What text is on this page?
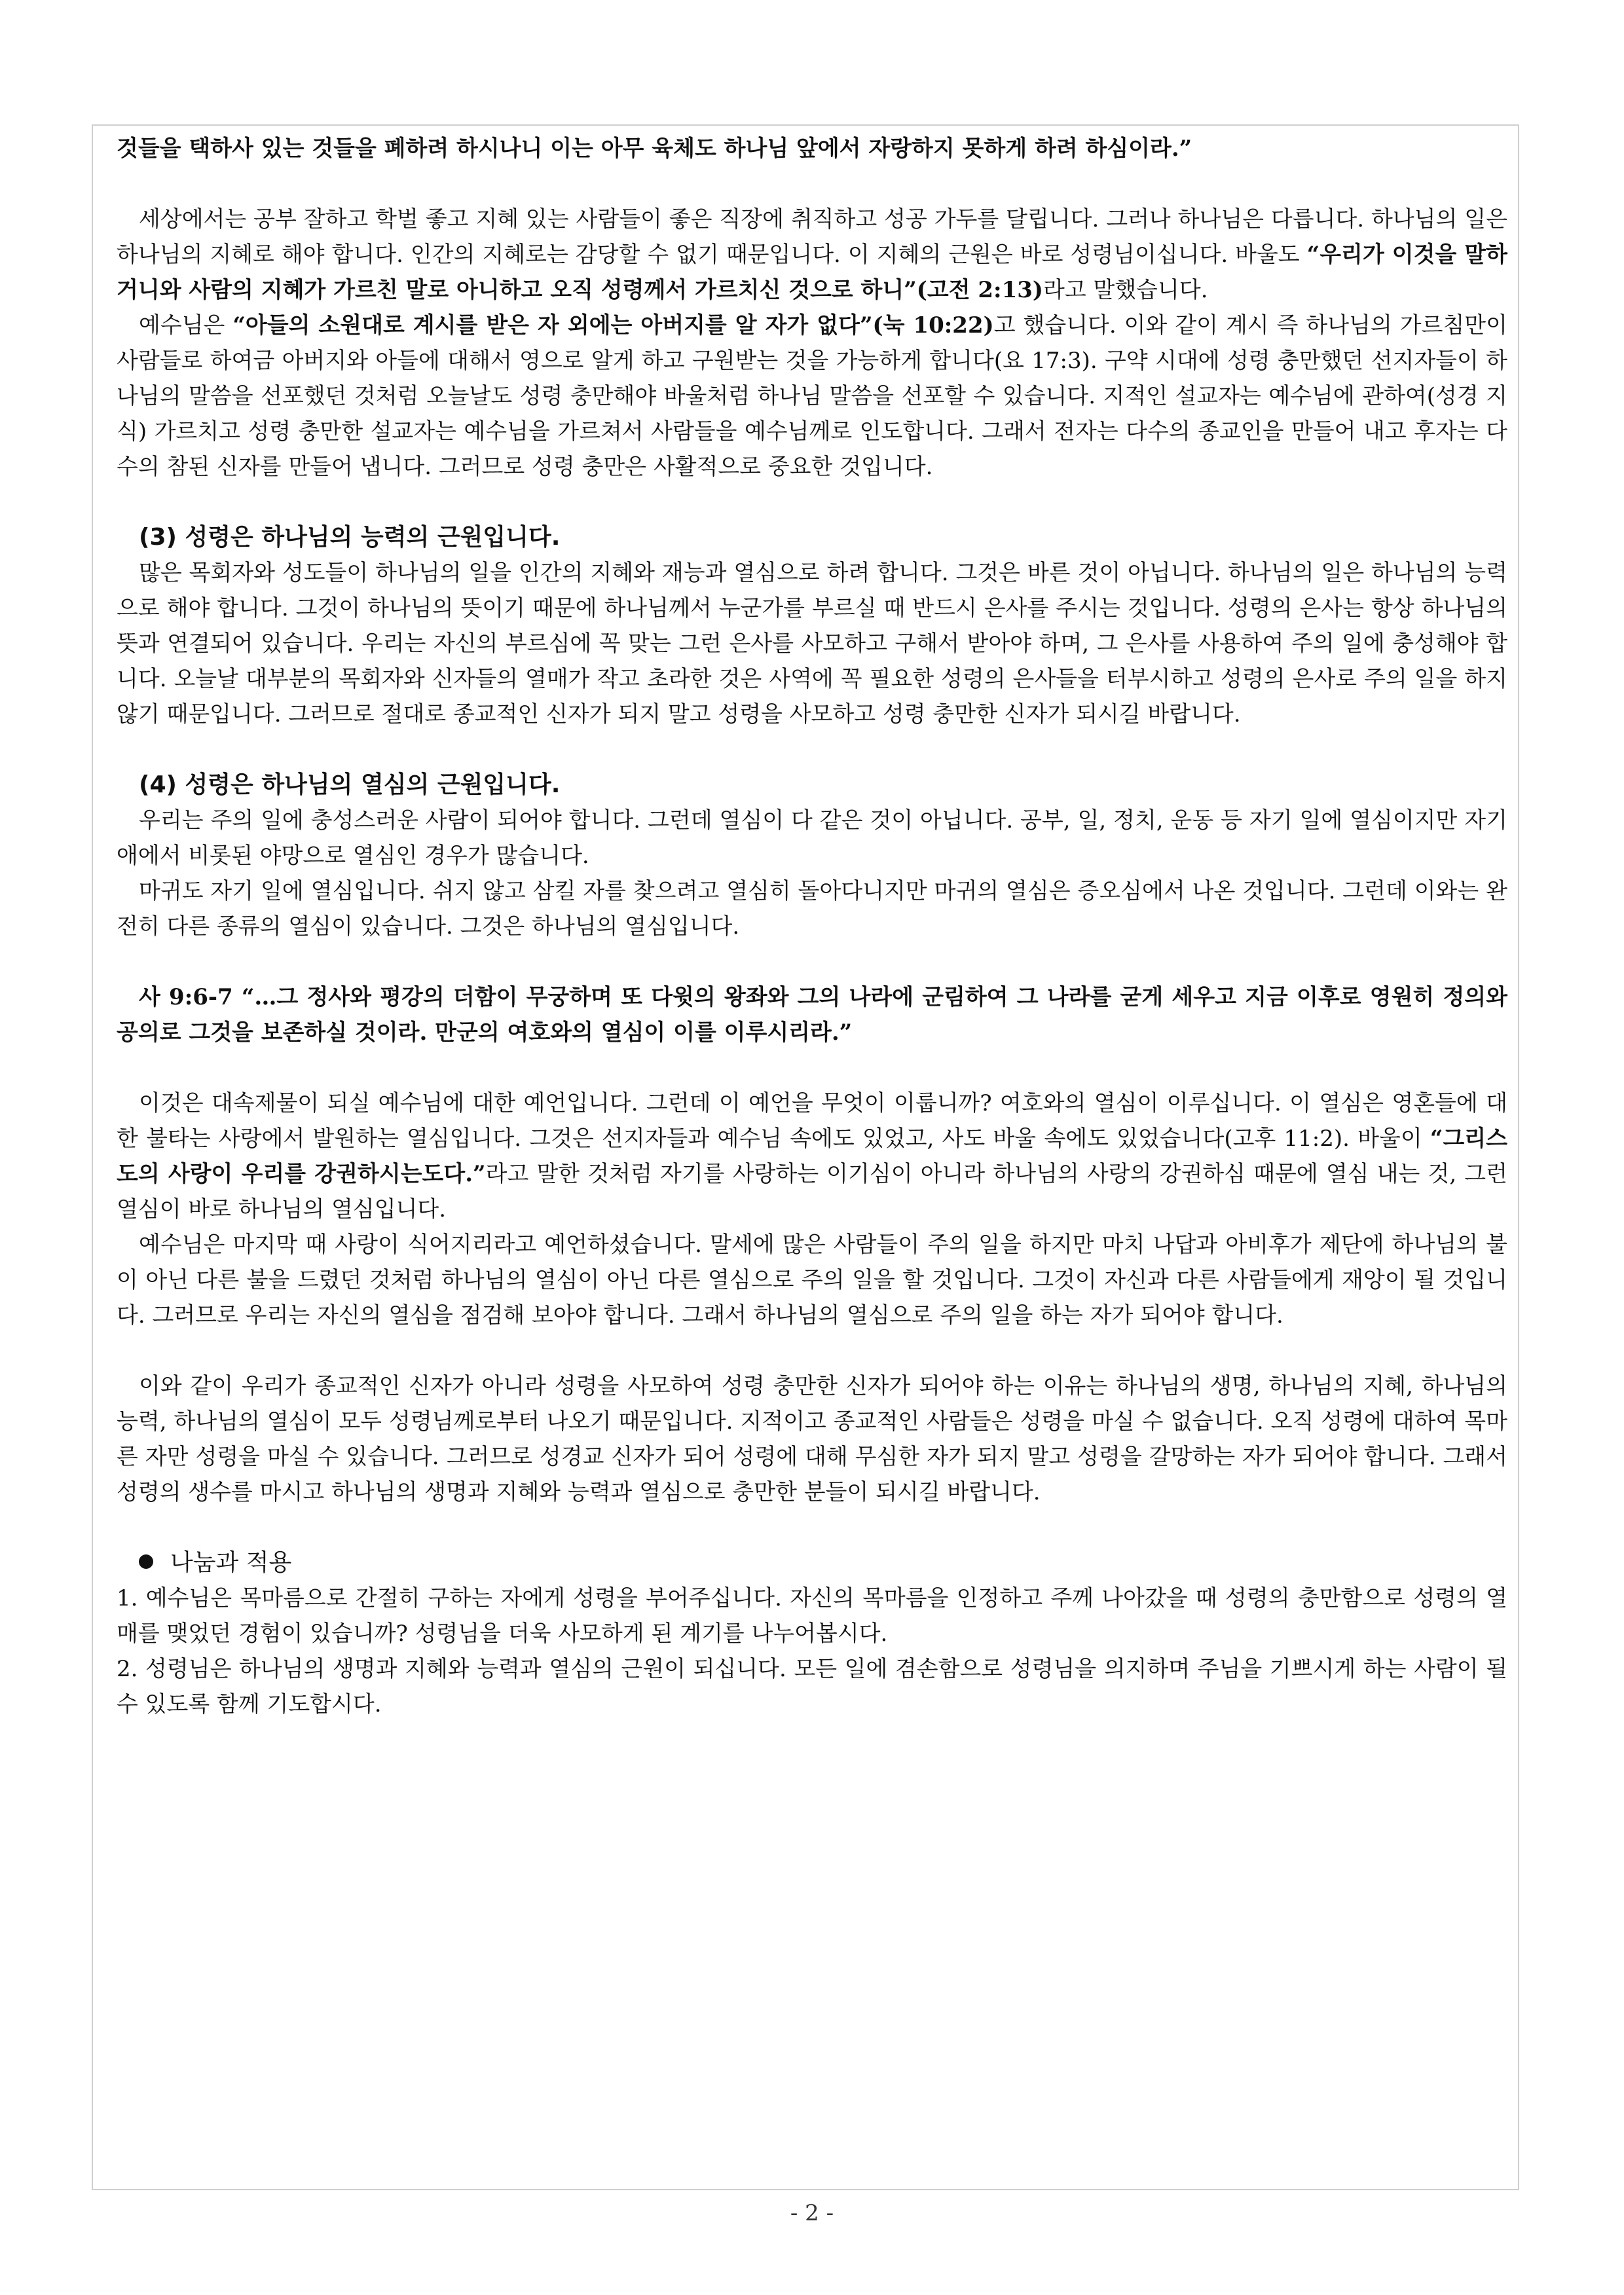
것들을 택하사 있는 것들을 폐하려 하시나니 이는 아무 육체도 하나님 앞에서 자랑하지 못하게 하려 하심이라.”

세상에서는 공부 잘하고 학벌 좋고 지혜 있는 사람들이 좋은 직장에 취직하고 성공 가두를 달립니다. 그러나 하나님은 다릅니다. 하나님의 일은 하나님의 지혜로 해야 합니다. 인간의 지혜로는 감당할 수 없기 때문입니다. 이 지혜의 근원은 바로 성령님이십니다. 바울도 “우리가 이것을 말하거니와 사람의 지혜가 가르친 말로 아니하고 오직 성령께서 가르치신 것으로 하니”(고전 2:13)라고 말했습니다.

예수님은 “아들의 소원대로 계시를 받은 자 외에는 아버지를 알 자가 없다”(눅 10:22)고 했습니다. 이와 같이 계시 즉 하나님의 가르침만이 사람들로 하여금 아버지와 아들에 대해서 영으로 알게 하고 구원받는 것을 가능하게 합니다(요 17:3). 구약 시대에 성령 충만했던 선지자들이 하나님의 말씀을 선포했던 것처럼 오늘날도 성령 충만해야 바울처럼 하나님 말씀을 선포할 수 있습니다. 지적인 설교자는 예수님에 관하여(성경 지식) 가르치고 성령 충만한 설교자는 예수님을 가르쳐서 사람들을 예수님께로 인도합니다. 그래서 전자는 다수의 종교인을 만들어 내고 후자는 다수의 참된 신자를 만들어 냅니다. 그러므로 성령 충만은 사활적으로 중요한 것입니다.

(3) 성령은 하나님의 능력의 근원입니다.

많은 목회자와 성도들이 하나님의 일을 인간의 지혜와 재능과 열심으로 하려 합니다. 그것은 바른 것이 아닙니다. 하나님의 일은 하나님의 능력으로 해야 합니다. 그것이 하나님의 뜻이기 때문에 하나님께서 누군가를 부르실 때 반드시 은사를 주시는 것입니다. 성령의 은사는 항상 하나님의 뜻과 연결되어 있습니다. 우리는 자신의 부르심에 꼭 맞는 그런 은사를 사모하고 구해서 받아야 하며, 그 은사를 사용하여 주의 일에 충성해야 합니다. 오늘날 대부분의 목회자와 신자들의 열매가 작고 초라한 것은 사역에 꼭 필요한 성령의 은사들을 터부시하고 성령의 은사로 주의 일을 하지 않기 때문입니다. 그러므로 절대로 종교적인 신자가 되지 말고 성령을 사모하고 성령 충만한 신자가 되시길 바랍니다.

(4) 성령은 하나님의 열심의 근원입니다.

우리는 주의 일에 충성스러운 사람이 되어야 합니다. 그런데 열심이 다 같은 것이 아닙니다. 공부, 일, 정치, 운동 등 자기 일에 열심이지만 자기애에서 비롯된 야망으로 열심인 경우가 많습니다.

마귀도 자기 일에 열심입니다. 쉬지 않고 삼킬 자를 찾으려고 열심히 돌아다니지만 마귀의 열심은 증오심에서 나온 것입니다. 그런데 이와는 완전히 다른 종류의 열심이 있습니다. 그것은 하나님의 열심입니다.

사 9:6-7 “…그 정사와 평강의 더함이 무궁하며 또 다윗의 왕좌와 그의 나라에 군림하여 그 나라를 굳게 세우고 지금 이후로 영원히 정의와 공의로 그것을 보존하실 것이라. 만군의 여호와의 열심이 이를 이루시리라.”

이것은 대속제물이 되실 예수님에 대한 예언입니다. 그런데 이 예언을 무엇이 이룹니까? 여호와의 열심이 이루십니다. 이 열심은 영혼들에 대한 불타는 사랑에서 발원하는 열심입니다. 그것은 선지자들과 예수님 속에도 있었고, 사도 바울 속에도 있었습니다(고후 11:2). 바울이 “그리스도의 사랑이 우리를 강권하시는도다.”라고 말한 것처럼 자기를 사랑하는 이기심이 아니라 하나님의 사랑의 강권하심 때문에 열심 내는 것, 그런 열심이 바로 하나님의 열심입니다.

예수님은 마지막 때 사랑이 식어지리라고 예언하셨습니다. 말세에 많은 사람들이 주의 일을 하지만 마치 나답과 아비후가 제단에 하나님의 불이 아닌 다른 불을 드렸던 것처럼 하나님의 열심이 아닌 다른 열심으로 주의 일을 할 것입니다. 그것이 자신과 다른 사람들에게 재앙이 될 것입니다. 그러므로 우리는 자신의 열심을 점검해 보아야 합니다. 그래서 하나님의 열심으로 주의 일을 하는 자가 되어야 합니다.

이와 같이 우리가 종교적인 신자가 아니라 성령을 사모하여 성령 충만한 신자가 되어야 하는 이유는 하나님의 생명, 하나님의 지혜, 하나님의 능력, 하나님의 열심이 모두 성령님께로부터 나오기 때문입니다. 지적이고 종교적인 사람들은 성령을 마실 수 없습니다. 오직 성령에 대하여 목마른 자만 성령을 마실 수 있습니다. 그러므로 성경교 신자가 되어 성령에 대해 무심한 자가 되지 말고 성령을 갈망하는 자가 되어야 합니다. 그래서 성령의 생수를 마시고 하나님의 생명과 지혜와 능력과 열심으로 충만한 분들이 되시길 바랍니다.

나눔과 적용

1. 예수님은 목마름으로 간절히 구하는 자에게 성령을 부어주십니다. 자신의 목마름을 인정하고 주께 나아갔을 때 성령의 충만함으로 성령의 열매를 맺었던 경험이 있습니까? 성령님을 더욱 사모하게 된 계기를 나누어봅시다.

2. 성령님은 하나님의 생명과 지혜와 능력과 열심의 근원이 되십니다. 모든 일에 겸손함으로 성령님을 의지하며 주님을 기쁘시게 하는 사람이 될 수 있도록 함께 기도합시다.

- 2 -
